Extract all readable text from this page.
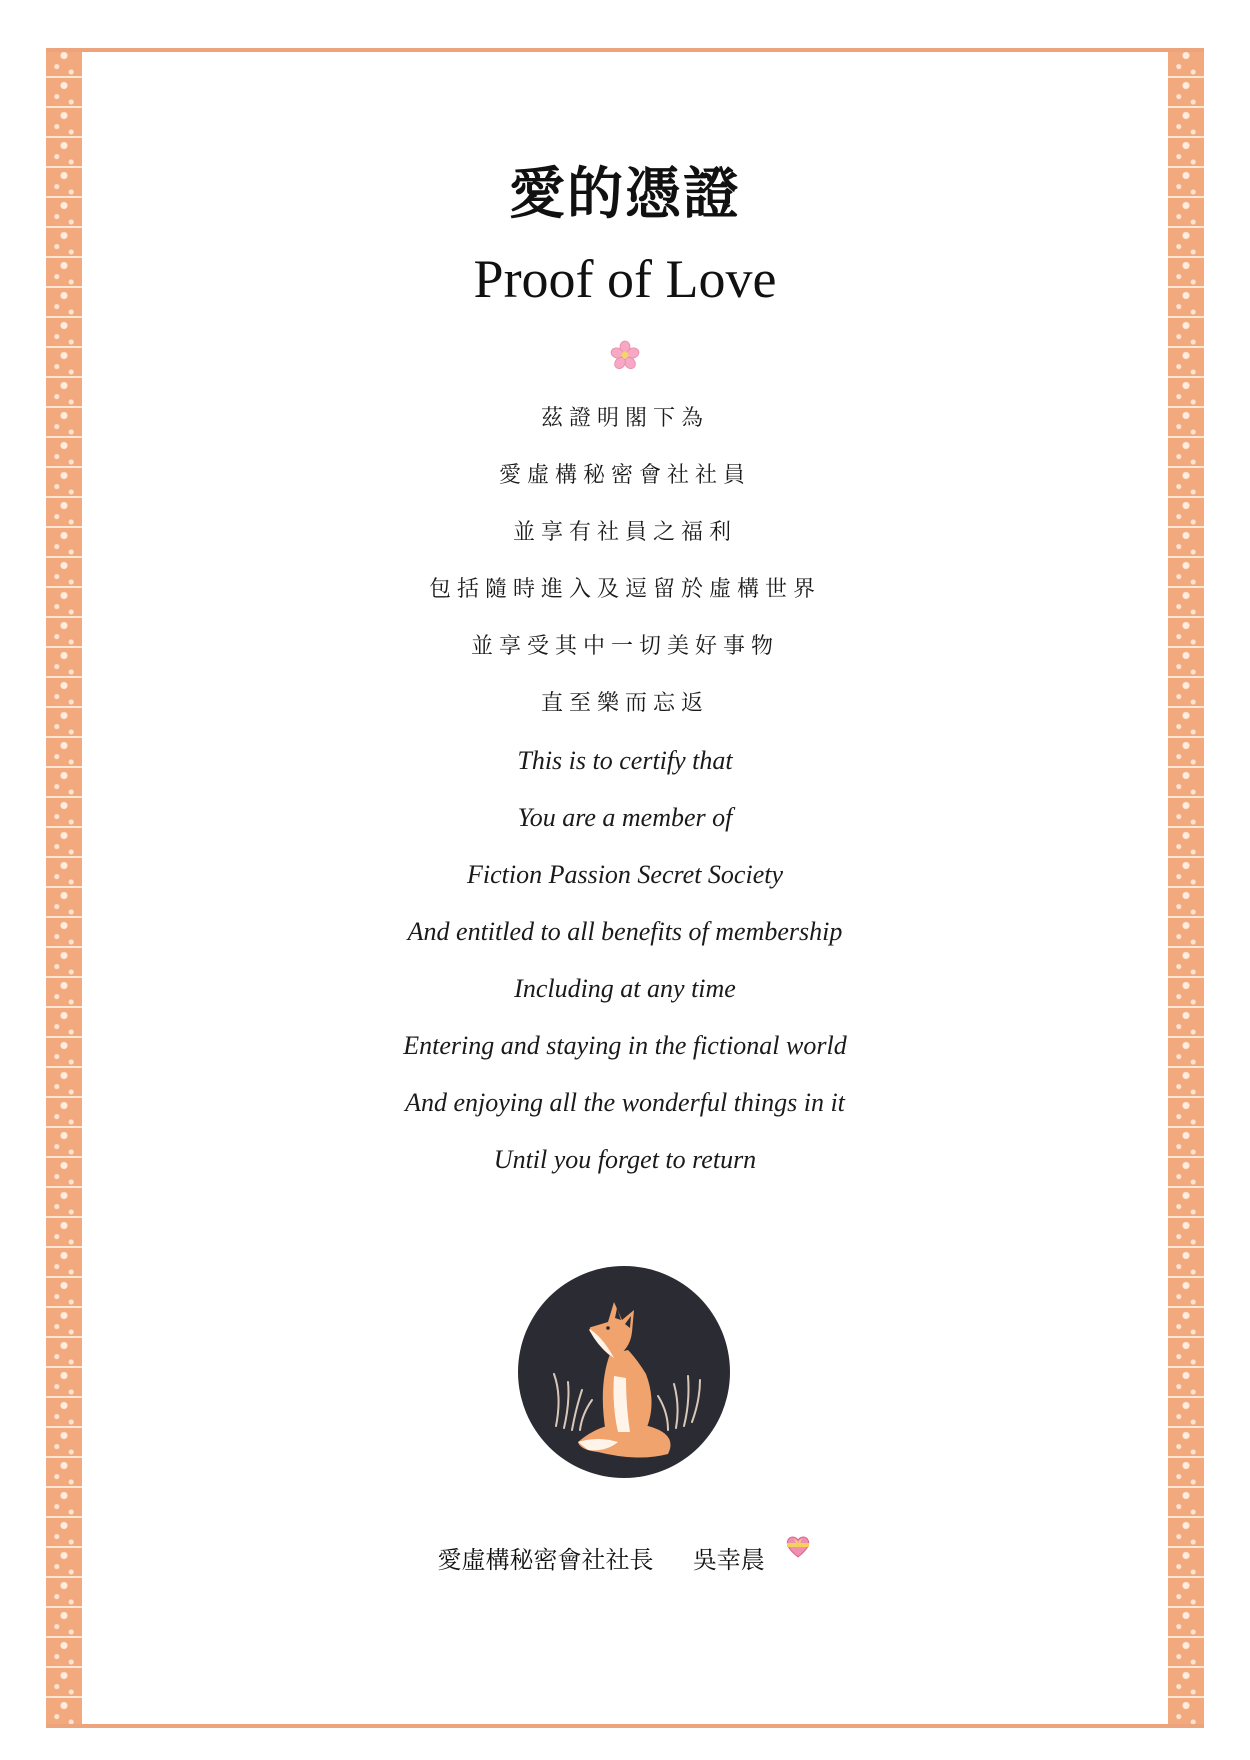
愛的憑證
Proof of Love
茲證明閣下為
愛虛構秘密會社社員
並享有社員之福利
包括隨時進入及逗留於虛構世界
並享受其中一切美好事物
直至樂而忘返
This is to certify that
You are a member of
Fiction Passion Secret Society
And entitled to all benefits of membership
Including at any time
Entering and staying in the fictional world
And enjoying all the wonderful things in it
Until you forget to return
愛虛構秘密會社社長 吳幸晨
